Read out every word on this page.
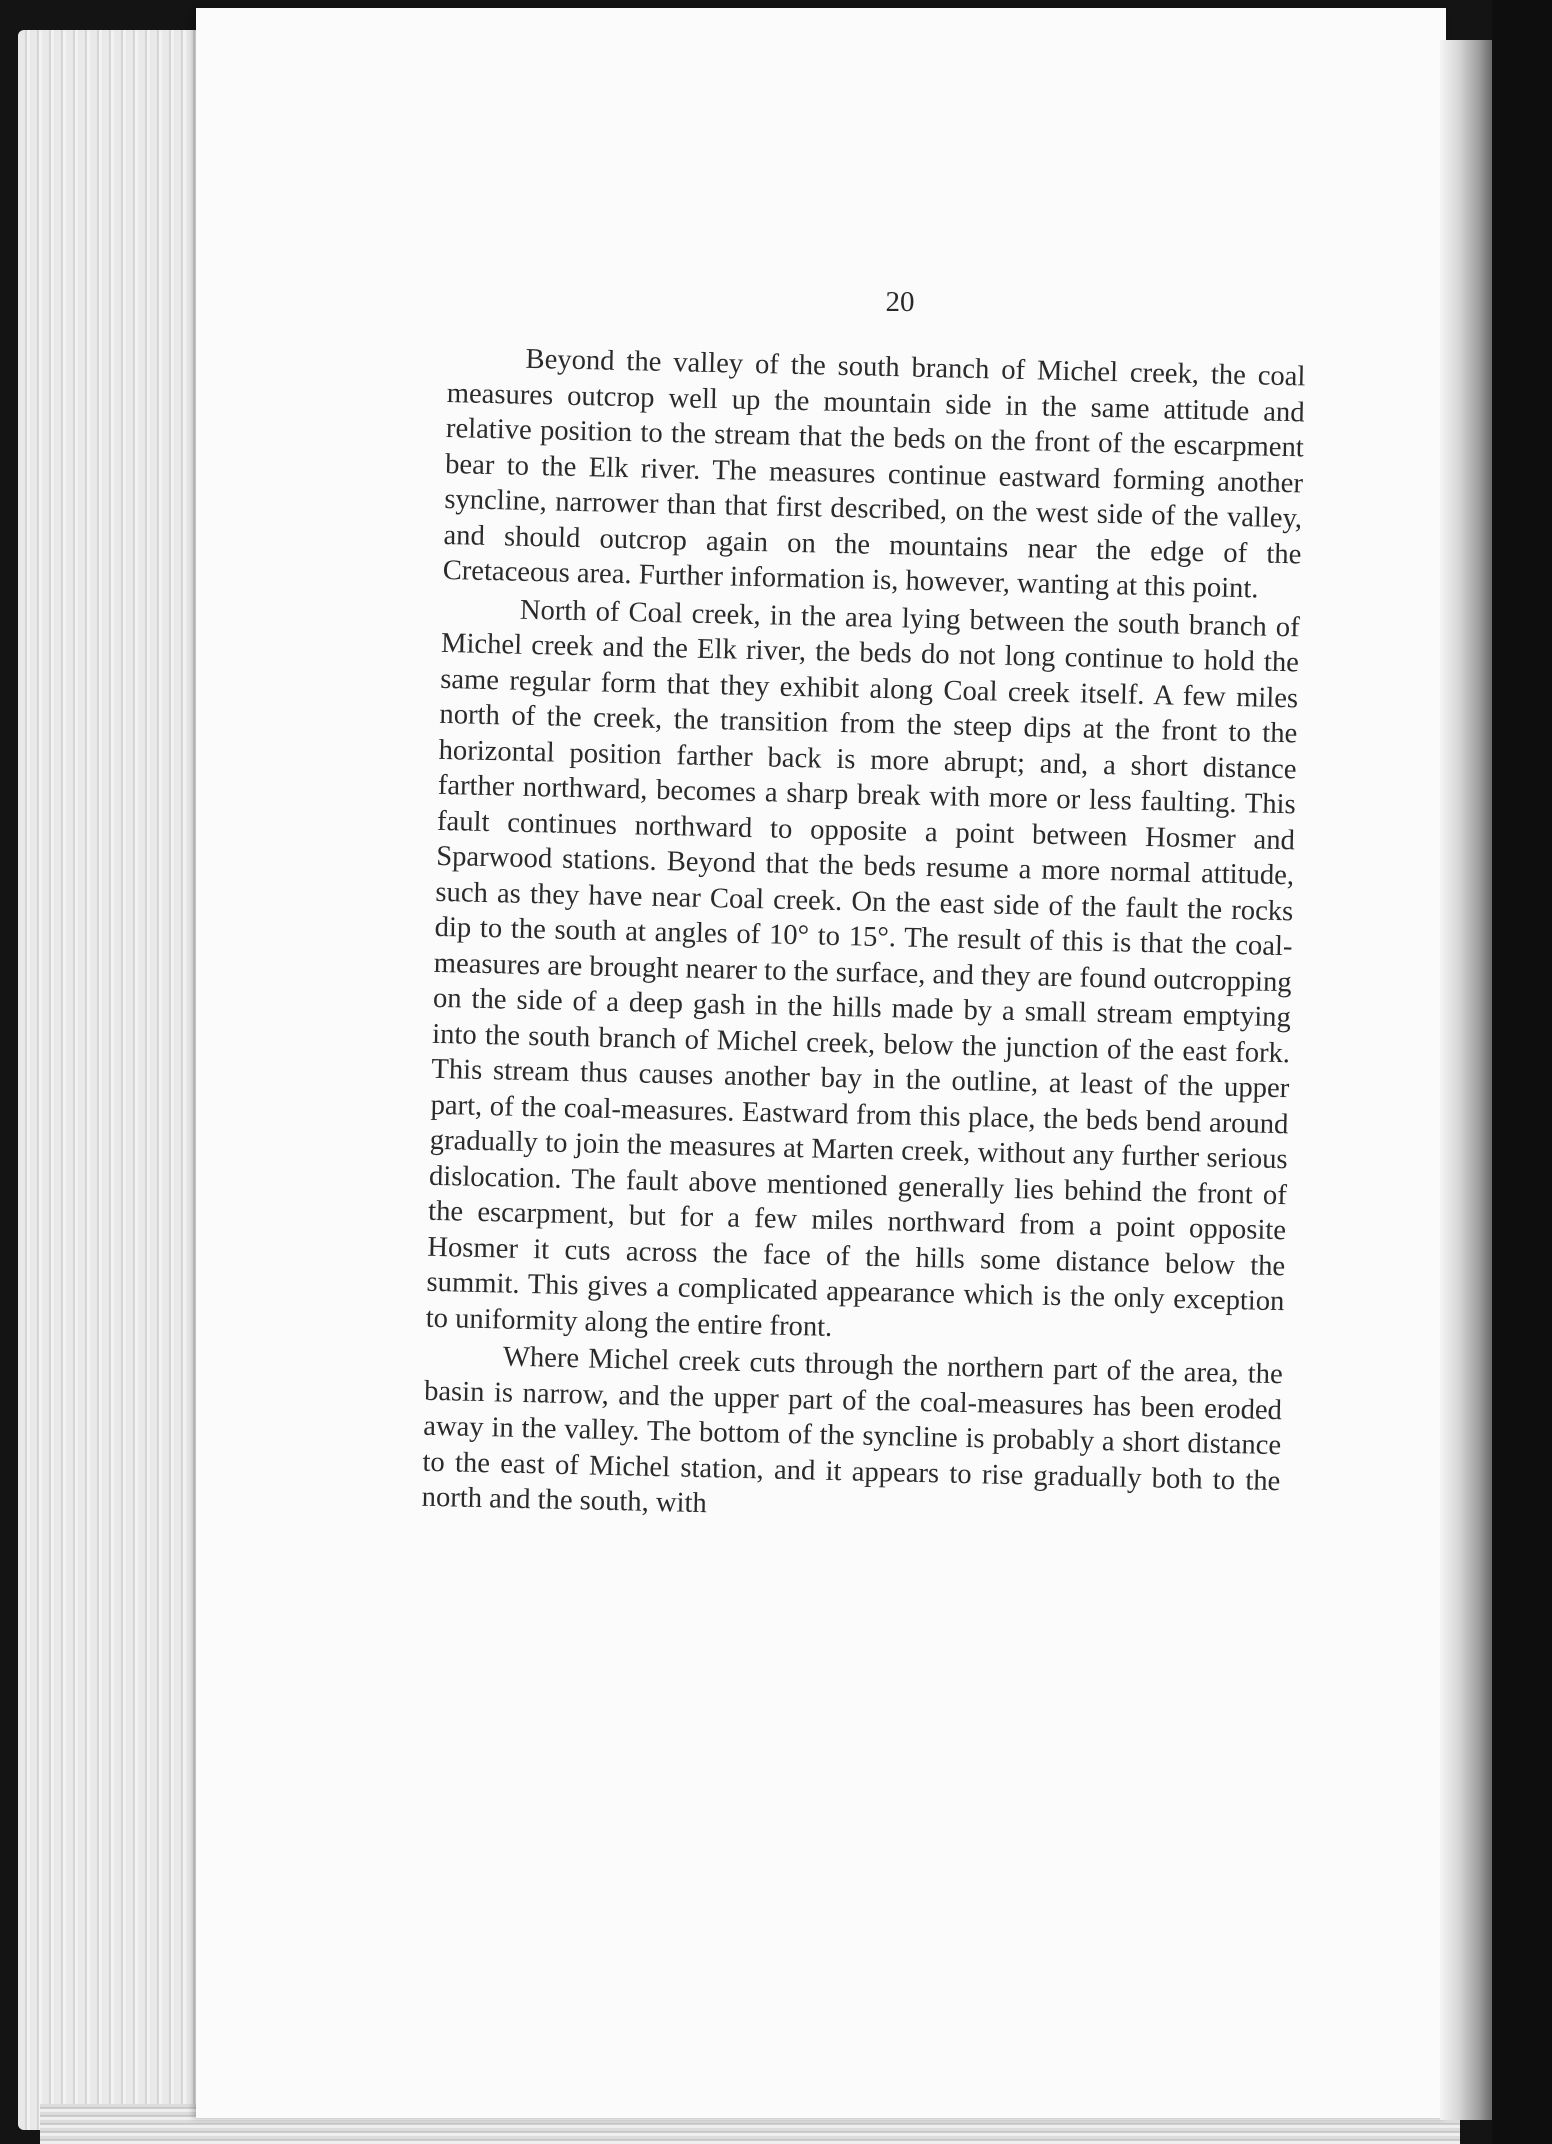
20

Beyond the valley of the south branch of Michel creek, the coal measures outcrop well up the mountain side in the same attitude and relative position to the stream that the beds on the front of the escarpment bear to the Elk river. The measures continue eastward forming another syncline, narrower than that first described, on the west side of the valley, and should outcrop again on the mountains near the edge of the Cretaceous area. Further information is, however, wanting at this point.

North of Coal creek, in the area lying between the south branch of Michel creek and the Elk river, the beds do not long continue to hold the same regular form that they exhibit along Coal creek itself. A few miles north of the creek, the transition from the steep dips at the front to the horizontal position farther back is more abrupt; and, a short distance farther northward, becomes a sharp break with more or less faulting. This fault continues northward to opposite a point between Hosmer and Sparwood stations. Beyond that the beds resume a more normal attitude, such as they have near Coal creek. On the east side of the fault the rocks dip to the south at angles of 10° to 15°. The result of this is that the coal-measures are brought nearer to the surface, and they are found outcropping on the side of a deep gash in the hills made by a small stream emptying into the south branch of Michel creek, below the junction of the east fork. This stream thus causes another bay in the outline, at least of the upper part, of the coal-measures. Eastward from this place, the beds bend around gradually to join the measures at Marten creek, without any further serious dislocation. The fault above mentioned generally lies behind the front of the escarpment, but for a few miles northward from a point opposite Hosmer it cuts across the face of the hills some distance below the summit. This gives a complicated appearance which is the only exception to uniformity along the entire front.

Where Michel creek cuts through the northern part of the area, the basin is narrow, and the upper part of the coal-measures has been eroded away in the valley. The bottom of the syncline is probably a short distance to the east of Michel station, and it appears to rise gradually both to the north and the south, with
